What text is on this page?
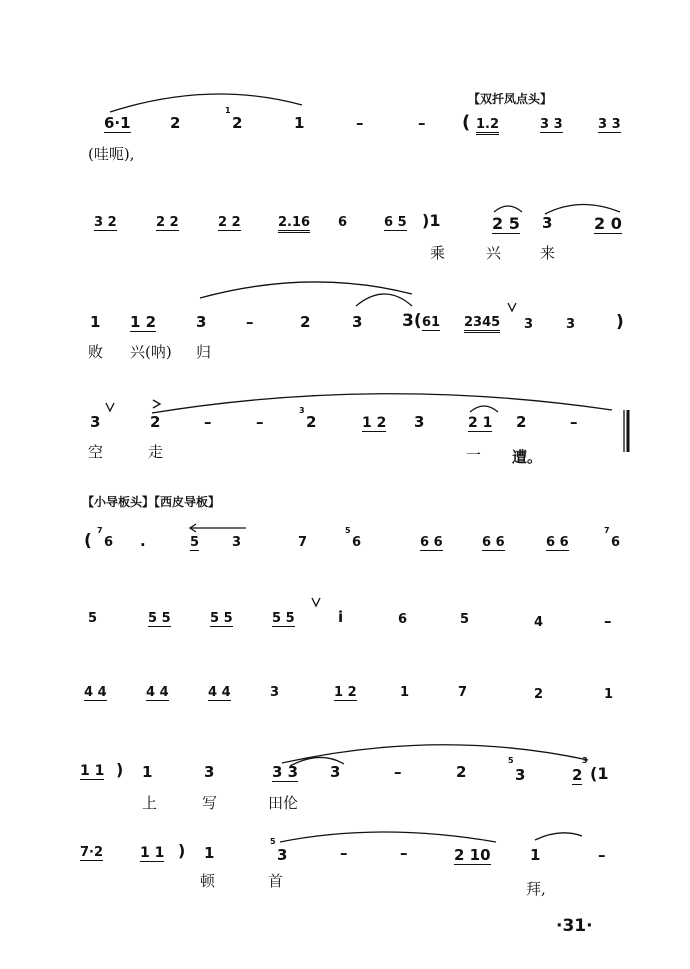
【双扦凤点头】
6·1	2
1
2	1	–	– ( 1.2	3 3	3 3
(哇呃),
3 2	2 2	2 2	2.16 6	6 5 )1	2 5 3	2 0
乘	兴	来
1 1 2	3	–	2	3 3( 61 2345 3	3 )
败 兴(呐) 归
3	2	–	–
3
2	1 2 3	2 1 2	–
空	走	一 遭。
【小导板头】【西皮导板】
(
7
6 .	5	3	7
5
6	6 6	6 6	6 6
7
6
5	5 5	5 5	5 5	i	6	5	4	–
4 4	4 4	4 4	3	1 2	1	7	2	1
1 1 ) 1	3	3 3 3	–	2
5
3
3
2 (1
上	写	田伦
7·2	1 1 ) 1
5
3	–	–	2 10	1	–
顿	首	拜,
·31·
